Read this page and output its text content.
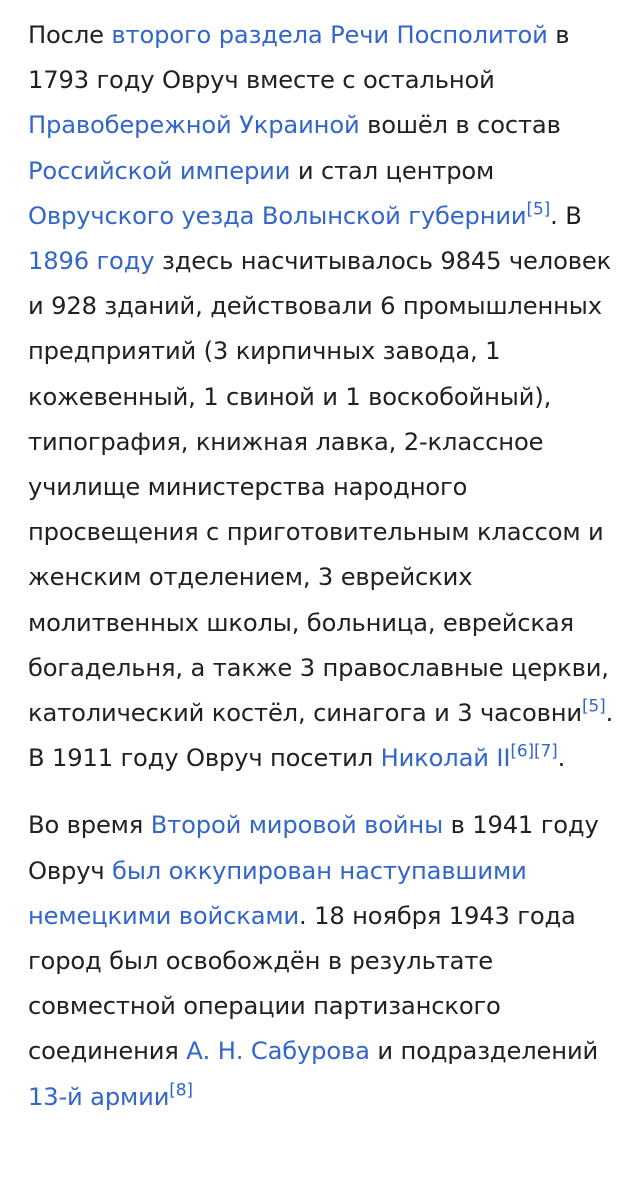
После второго раздела Речи Посполитой в 1793 году Овруч вместе с остальной Правобережной Украиной вошёл в состав Российской империи и стал центром Овручского уезда Волынской губернии[5]. В 1896 году здесь насчитывалось 9845 человек и 928 зданий, действовали 6 промышленных предприятий (3 кирпичных завода, 1 кожевенный, 1 свиной и 1 воскобойный), типография, книжная лавка, 2-классное училище министерства народного просвещения с приготовительным классом и женским отделением, 3 еврейских молитвенных школы, больница, еврейская богадельня, а также 3 православные церкви, католический костёл, синагога и 3 часовни[5]. В 1911 году Овруч посетил Николай II[6][7].

Во время Второй мировой войны в 1941 году Овруч был оккупирован наступавшими немецкими войсками. 18 ноября 1943 года город был освобождён в результате совместной операции партизанского соединения А. Н. Сабурова и подразделений 13-й армии[8]
